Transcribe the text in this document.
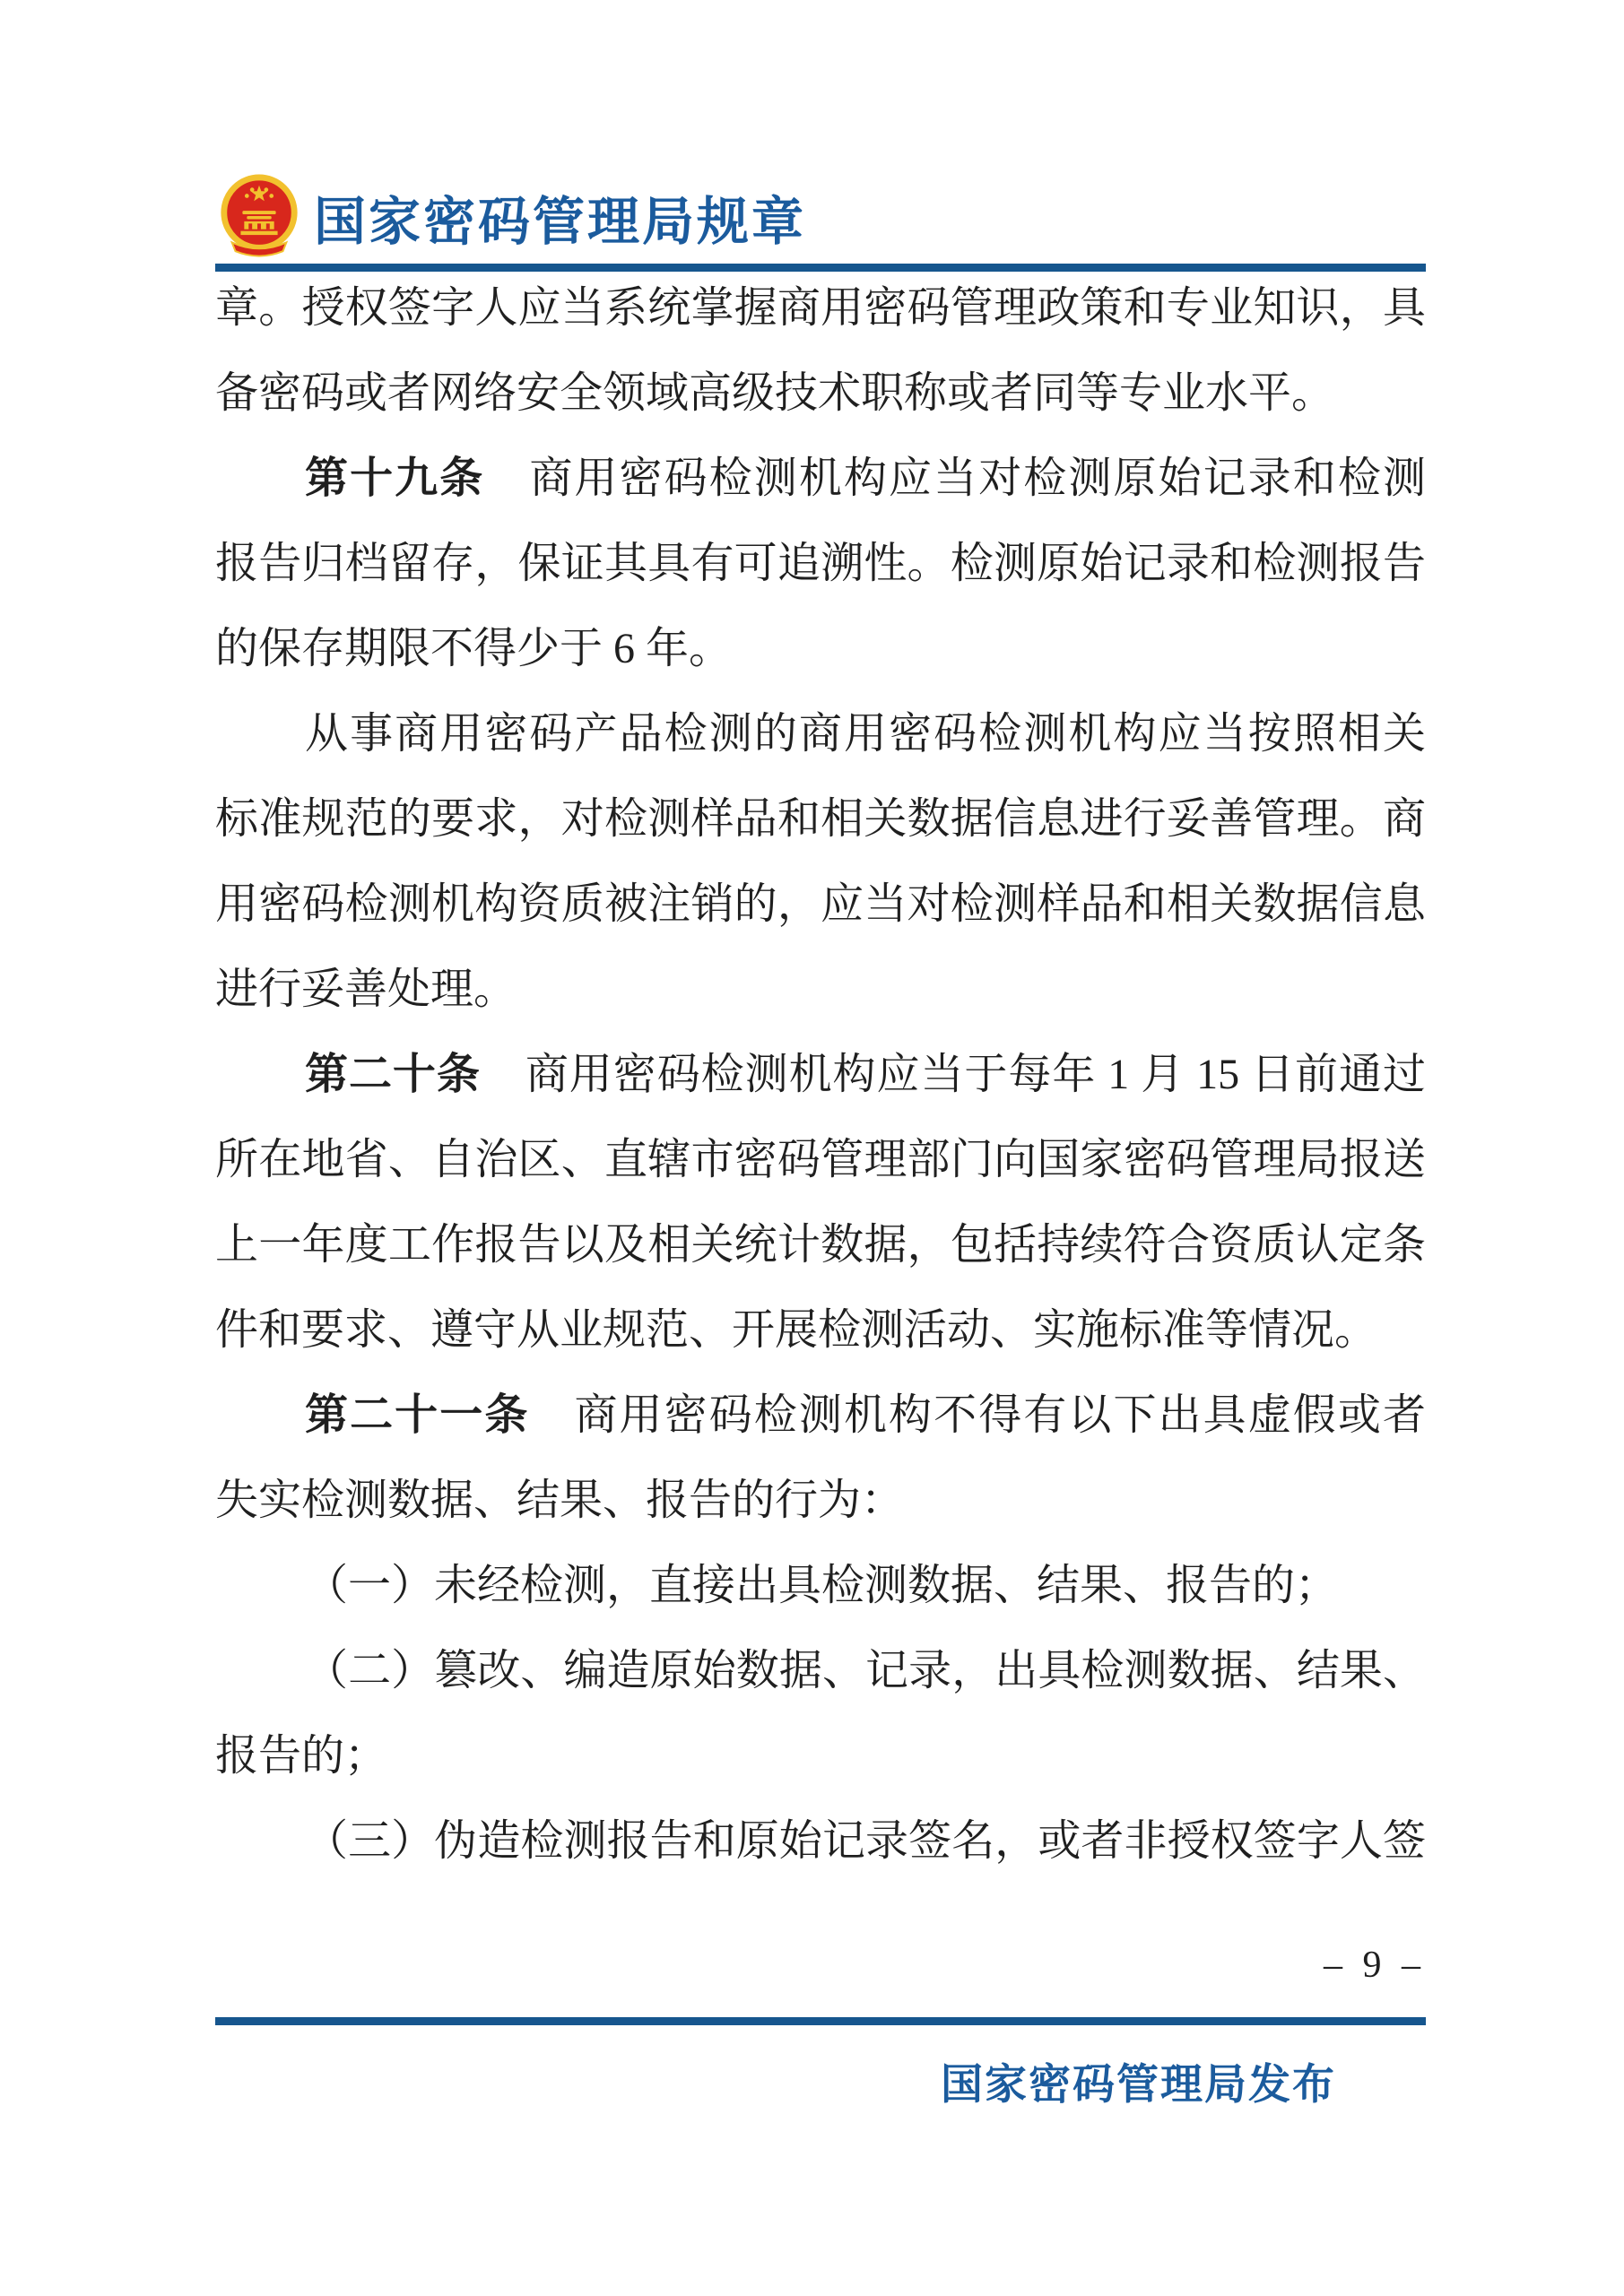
国家密码管理局规章
章。授权签字人应当系统掌握商用密码管理政策和专业知识，具
备密码或者网络安全领域高级技术职称或者同等专业水平。
第十九条 商用密码检测机构应当对检测原始记录和检测
报告归档留存，保证其具有可追溯性。检测原始记录和检测报告
的保存期限不得少于 6 年。
从事商用密码产品检测的商用密码检测机构应当按照相关
标准规范的要求，对检测样品和相关数据信息进行妥善管理。商
用密码检测机构资质被注销的，应当对检测样品和相关数据信息
进行妥善处理。
第二十条 商用密码检测机构应当于每年 1 月 15 日前通过
所在地省、自治区、直辖市密码管理部门向国家密码管理局报送
上一年度工作报告以及相关统计数据，包括持续符合资质认定条
件和要求、遵守从业规范、开展检测活动、实施标准等情况。
第二十一条 商用密码检测机构不得有以下出具虚假或者
失实检测数据、结果、报告的行为：
（一）未经检测，直接出具检测数据、结果、报告的；
（二）篡改、编造原始数据、记录，出具检测数据、结果、
报告的；
（三）伪造检测报告和原始记录签名，或者非授权签字人签
– 9 –
国家密码管理局发布
